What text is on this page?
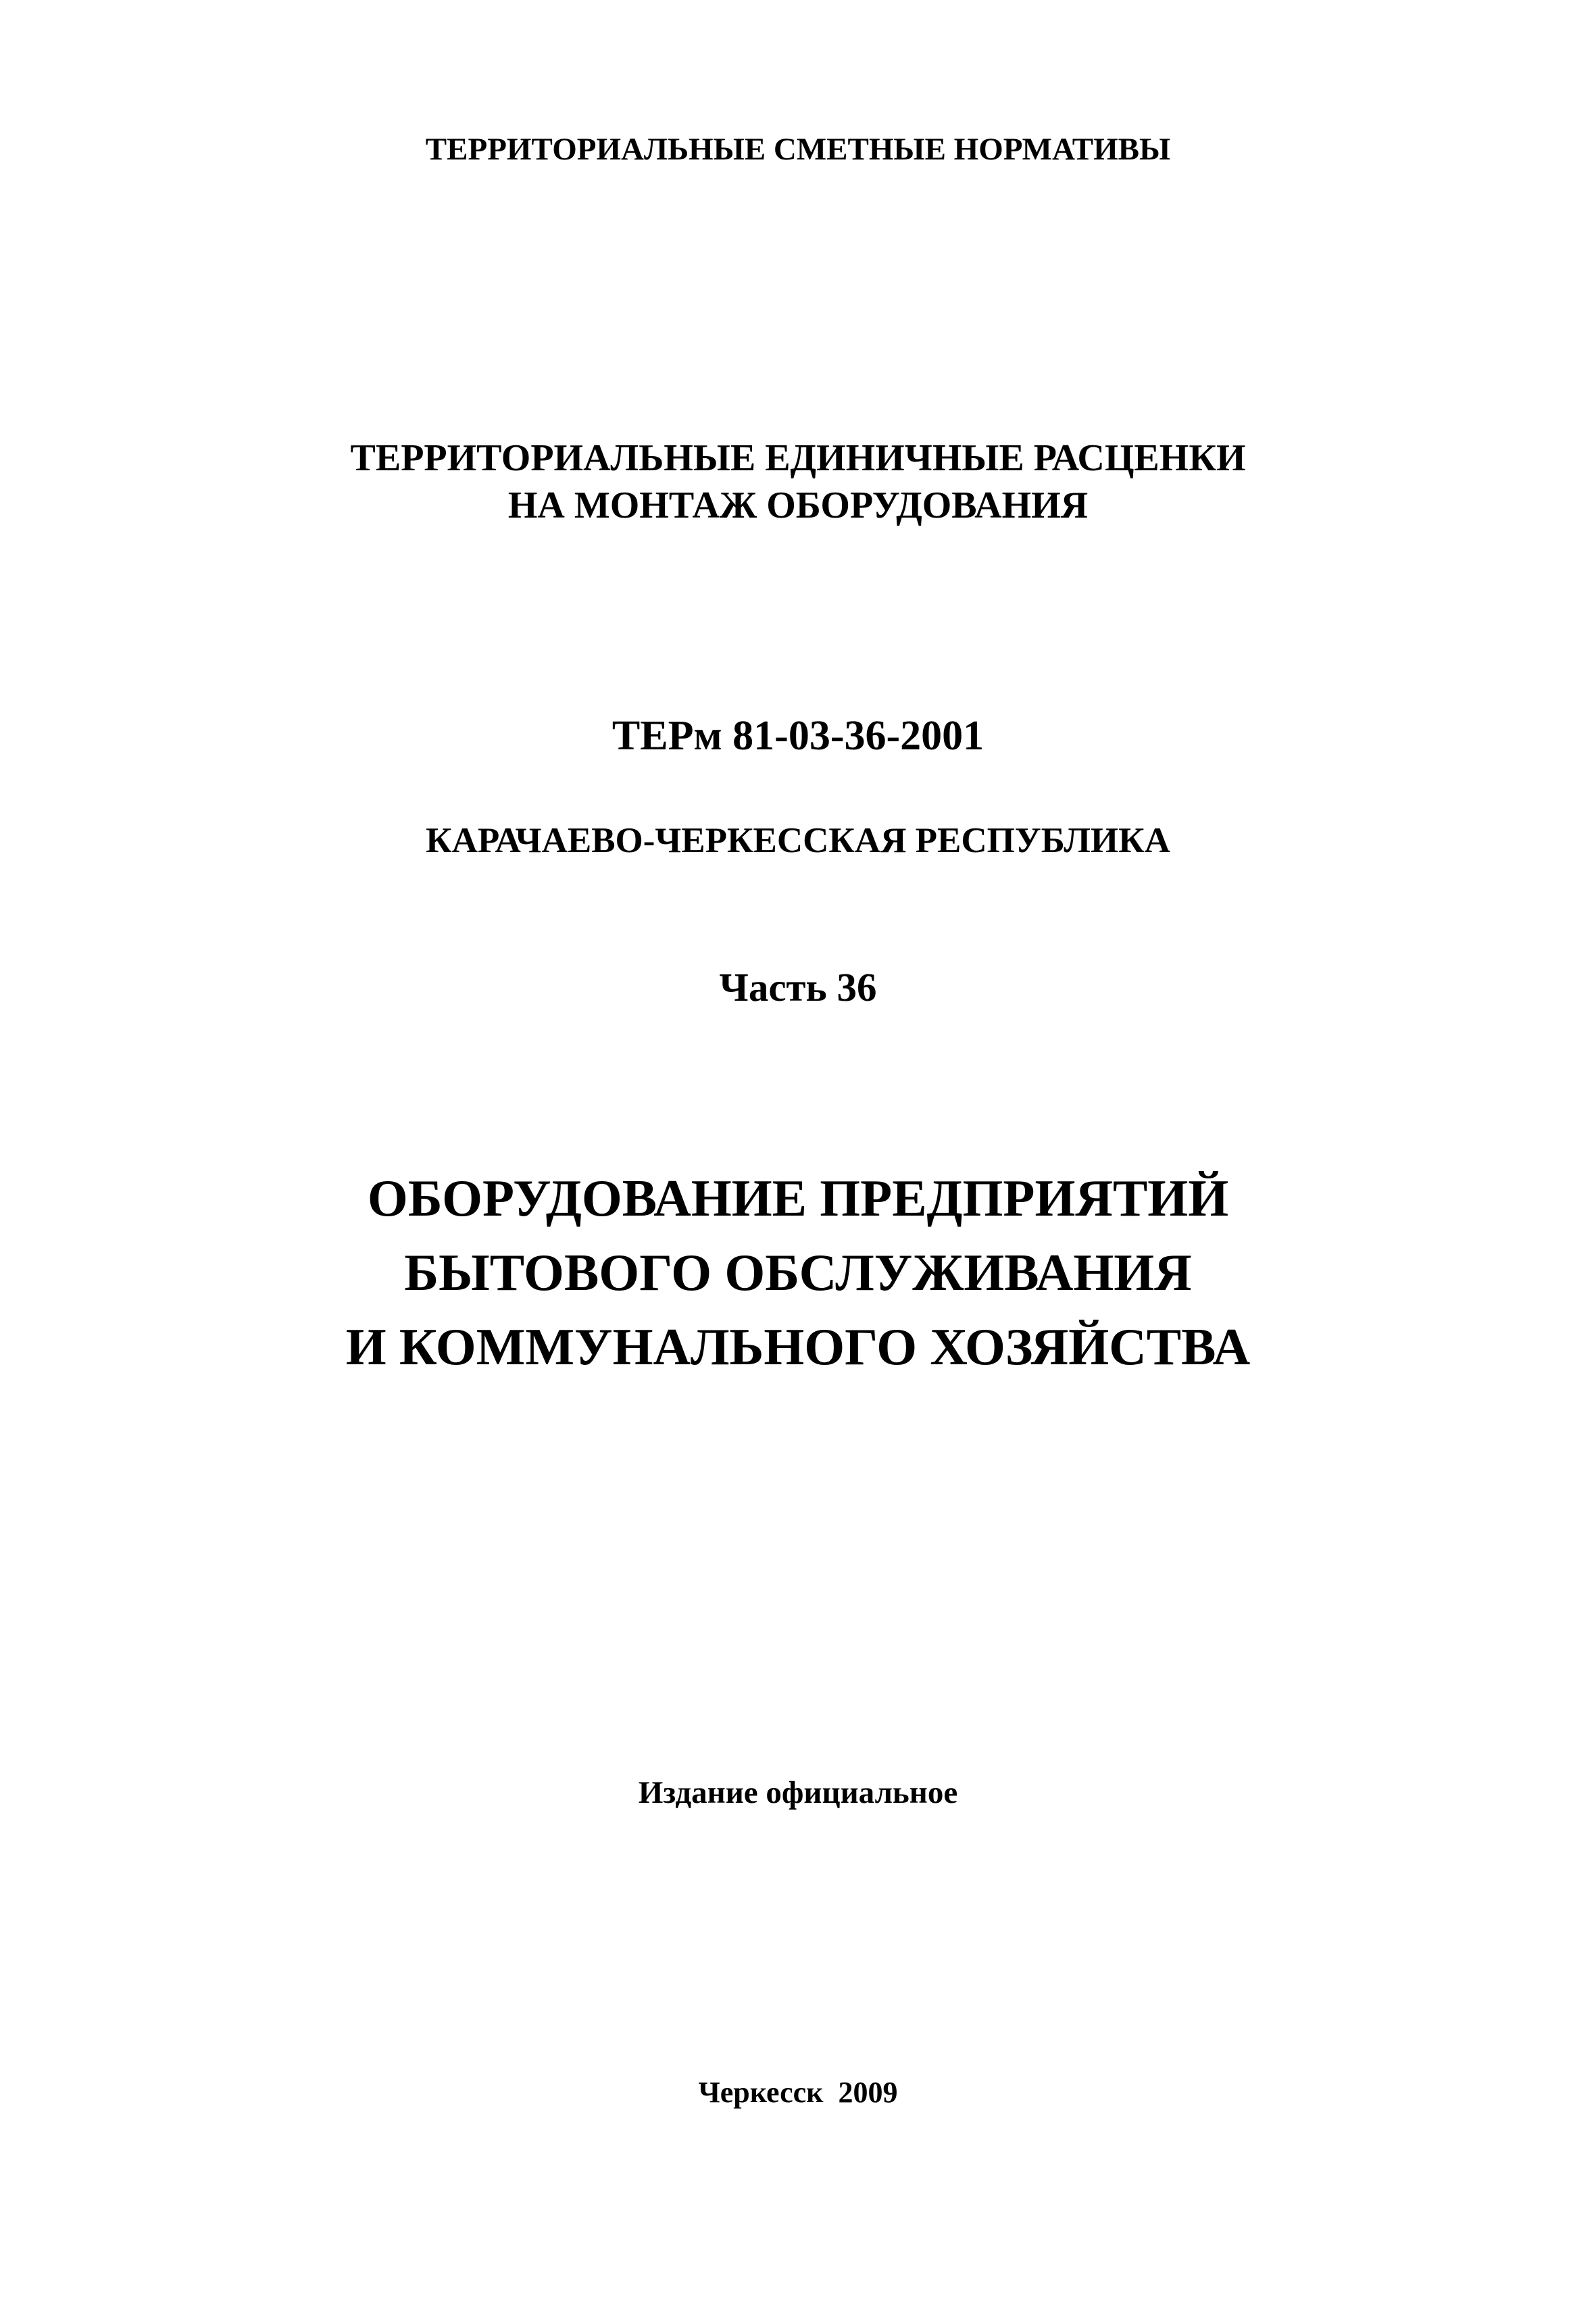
ТЕРРИТОРИАЛЬНЫЕ СМЕТНЫЕ НОРМАТИВЫ
ТЕРРИТОРИАЛЬНЫЕ ЕДИНИЧНЫЕ РАСЦЕНКИ
НА МОНТАЖ ОБОРУДОВАНИЯ
ТЕРм 81-03-36-2001
КАРАЧАЕВО-ЧЕРКЕССКАЯ РЕСПУБЛИКА
Часть 36
ОБОРУДОВАНИЕ ПРЕДПРИЯТИЙ
БЫТОВОГО ОБСЛУЖИВАНИЯ
И КОММУНАЛЬНОГО ХОЗЯЙСТВА
Издание официальное
Черкесск  2009
